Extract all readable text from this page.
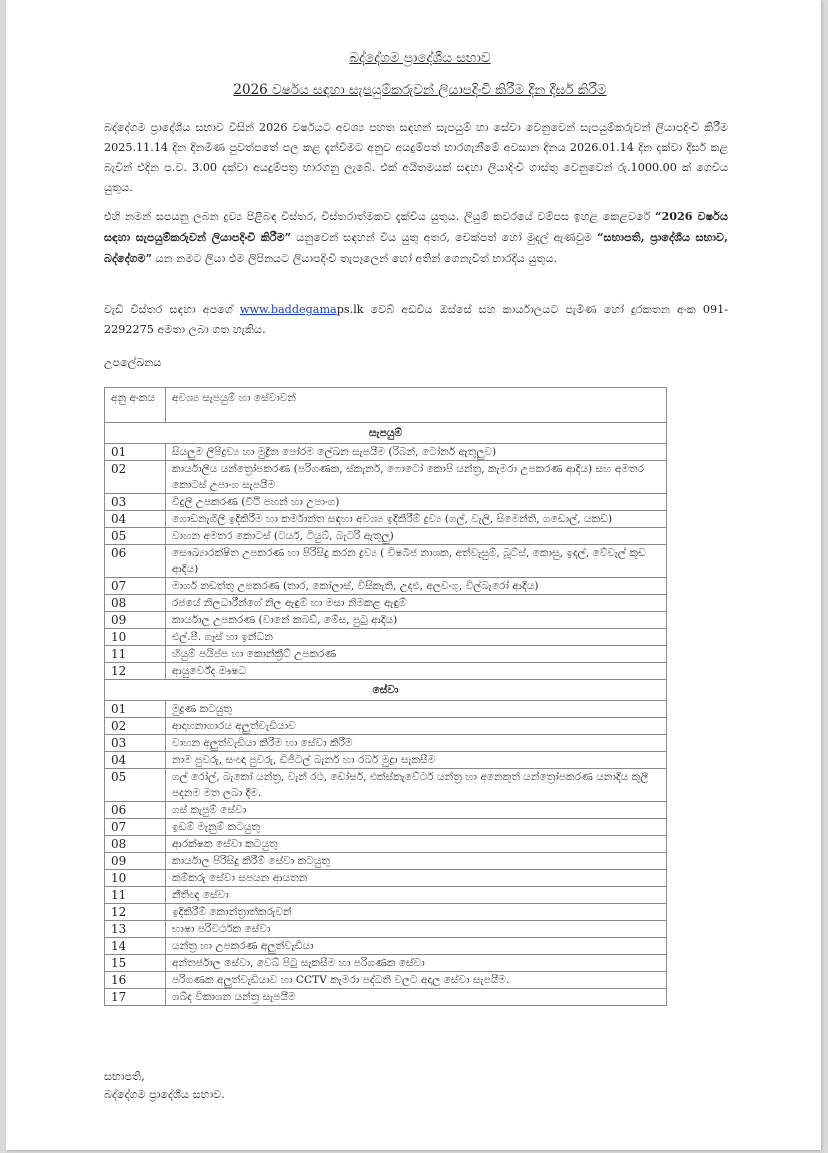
බද්දේගම ප්‍රාදේශීය සභාව
2026 වර්ෂය සඳහා සැපයුම්කරුවන් ලියාපදිංචි කිරීම දින දීර්ඝ කිරීම
බද්දේගම ප්‍රාදේශීය සභාව විසින් 2026 වර්ෂයට අවශ්‍ය පහත සඳහන් සැපයුම් හා සේවා වෙනුවෙන් සැපයුම්කරුවන් ලියාපදිංචි කිරීම 2025.11.14 දින දිනමිණ පුවත්පතේ පල කළ දැන්වීමට අනුව අයදුම්පත් භාරගැනීමේ අවසාන දිනය 2026.01.14 දින දක්වා දීර්ඝ කළ බැවින් එදින ප.ව. 3.00 දක්වා අයදුම්පත්‍ර භාරගනු ලැබේ. එක් අයිතමයක් සඳහා ලියාදිංචි ගාස්තු වෙනුවෙන් රු.1000.00 ක් ගෙවිය යුතුය.
එහි නමන් සපයනු ලබන ද්‍රව්‍ය පිළිබඳ විස්තර, විස්තරාත්මකව දැක්විය යුතුය. ලියුම් කවරයේ වම්පස ඉහළ කෙළවරේ “2026 වර්ෂය සඳහා සැපයුම්කරුවන් ලියාපදිංචි කිරීම” යනුවෙන් සඳහන් විය යුතු අතර, චෙක්පත් හෝ මුදල් ඇණවුම “සභාපති, ප්‍රාදේශීය සභාව, බද්දේගම” යන නමට ලියා එම ලිපිනයට ලියාපදිංචි තැපෑලෙන් හෝ අතින් ගෙනැවිත් භාරදිය යුතුය.
වැඩි විස්තර සඳහා අපගේ www.baddegamaps.lk වෙබ් අඩවිය ඔස්සේ සහ කාර්යාලයට පැමිණ හෝ දුරකතන අංක 091-2292275 අමතා ලබා ගත හැකිය.
උපලේඛනය
අනු අංකය	අවශ්‍ය සැපයුම් හා සේවාවන්
සැපයුම්	
01	සියලුම ලිපිද්‍රව්‍ය හා මුද්‍රිත පෝරම ලේඛන සැපයීම (රිබන්, ටෝනර් ඇතුලුව)
02	කාර්යාලීය යන්ත්‍රෝපකරණ (පරිගණක, ස්කැනර්, ෆොටෝ කොපි යන්ත්‍ර, කැමරා උපකරණ ආදිය) සහ අමතර කොටස් උපාංග සැපයීම
03	විදුලි උපකරණ (වීථි පහන් හා උපාංග)
04	ගොඩනැගිලි ඉදිකිරීම හා කර්මාන්ත සඳහා අවශ්‍ය ඉදිකිරීම් ද්‍රව්‍ය (ගල්, වැලි, සිමෙන්ති, ගඩොල්, යකඩ)
05	වාහන අමතර කොටස් (ටයර්, ටියුබ්, බැටරි ඇතුලු)
06	සෞඛ්‍යාරක්ෂිත උපකරණ හා පිරිසිදු කරන ද්‍රව්‍ය ( විෂබීජ නාශක, අත්වැසුම්, බූට්ස්, කොසු, ඉදල්, වේවැල් කූඩ ආදිය)
07	මාර්ග නඩත්තු උපකරණ (තාර, කෝලාස්, විසිකැති, උදළු, අලවංගු, විල්බැරෝ ආදිය)
08	රජයේ නිලධාරීන්ගේ නිල ඇඳුම් හා මසා නිමකළ ඇඳුම්
09	කාර්යාල උපකරණ (වානේ කබඩ්, මේස, පුටු ආදිය)
10	එල්.පී. ගෑස් හා ඉන්ධන
11	හියුම් පයිප්ප හා කොන්ක්‍රීට් උපකරණ
12	ආයුර්වේද ඖෂධ
සේවා	
01	මුද්‍රණ කටයුතු
02	ආදාහනාගාරය අලුත්වැඩියාව
03	වාහන අලුත්වැඩියා කිරීම හා සේවා කිරීම
04	නාම පුවරු, සංඥා පුවරු, ඩිජිටල් බැනර් හා රබර් මුද්‍රා සැකසීම
05	ගල් රෝල්, බැකෝ යන්ත්‍ර, වැන් රථ, ඩෝසර්, එක්ස්කැවේටර් යන්ත්‍ර හා අනෙකුත් යන්ත්‍රෝපකරණ යනාදිය කුලී පදනම මත ලබා දීම.
06	ගස් කැපුම් සේවා
07	ඉඩම් මැනුම් කටයුතු
08	ආරක්ෂක සේවා කටයුතු
09	කාර්යාල පිරිසිදු කිරීම් සේවා කටයුතු
10	කම්කරු සේවා සපයන ආයතන
11	නීතිඥ සේවා
12	ඉදිකිරීම් කොන්ත්‍රාත්කරුවන්
13	භාෂා පරිවර්ථක සේවා
14	යන්ත්‍ර හා උපකරණ අලුත්වැඩියා
15	අන්තර්ජාල සේවා, වෙබ් පිටු සැකසීම හා පරිගණක සේවා
16	පරිගණක අලුත්වැඩියාව හා CCTV කැමරා පද්ධති වලට අදාල සේවා සැපයීම.
17	ශබ්ද විකාශන යන්ත්‍ර සැපයීම
සභාපති,
බද්දේගම ප්‍රාදේශීය සභාව.
